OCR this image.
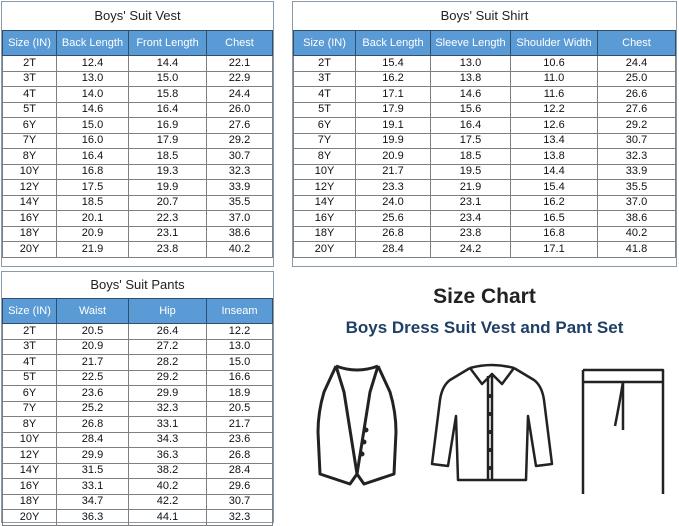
Boys' Suit Vest
Size (IN)	Back Length	Front Length	Chest
2T	12.4	14.4	22.1
3T	13.0	15.0	22.9
4T	14.0	15.8	24.4
5T	14.6	16.4	26.0
6Y	15.0	16.9	27.6
7Y	16.0	17.9	29.2
8Y	16.4	18.5	30.7
10Y	16.8	19.3	32.3
12Y	17.5	19.9	33.9
14Y	18.5	20.7	35.5
16Y	20.1	22.3	37.0
18Y	20.9	23.1	38.6
20Y	21.9	23.8	40.2
Boys' Suit Shirt
Size (IN)	Back Length	Sleeve Length	Shoulder Width	Chest
2T	15.4	13.0	10.6	24.4
3T	16.2	13.8	11.0	25.0
4T	17.1	14.6	11.6	26.6
5T	17.9	15.6	12.2	27.6
6Y	19.1	16.4	12.6	29.2
7Y	19.9	17.5	13.4	30.7
8Y	20.9	18.5	13.8	32.3
10Y	21.7	19.5	14.4	33.9
12Y	23.3	21.9	15.4	35.5
14Y	24.0	23.1	16.2	37.0
16Y	25.6	23.4	16.5	38.6
18Y	26.8	23.8	16.8	40.2
20Y	28.4	24.2	17.1	41.8
Boys' Suit Pants
Size (IN)	Waist	Hip	Inseam
2T	20.5	26.4	12.2
3T	20.9	27.2	13.0
4T	21.7	28.2	15.0
5T	22.5	29.2	16.6
6Y	23.6	29.9	18.9
7Y	25.2	32.3	20.5
8Y	26.8	33.1	21.7
10Y	28.4	34.3	23.6
12Y	29.9	36.3	26.8
14Y	31.5	38.2	28.4
16Y	33.1	40.2	29.6
18Y	34.7	42.2	30.7
20Y	36.3	44.1	32.3
Size Chart
Boys Dress Suit Vest and Pant Set
